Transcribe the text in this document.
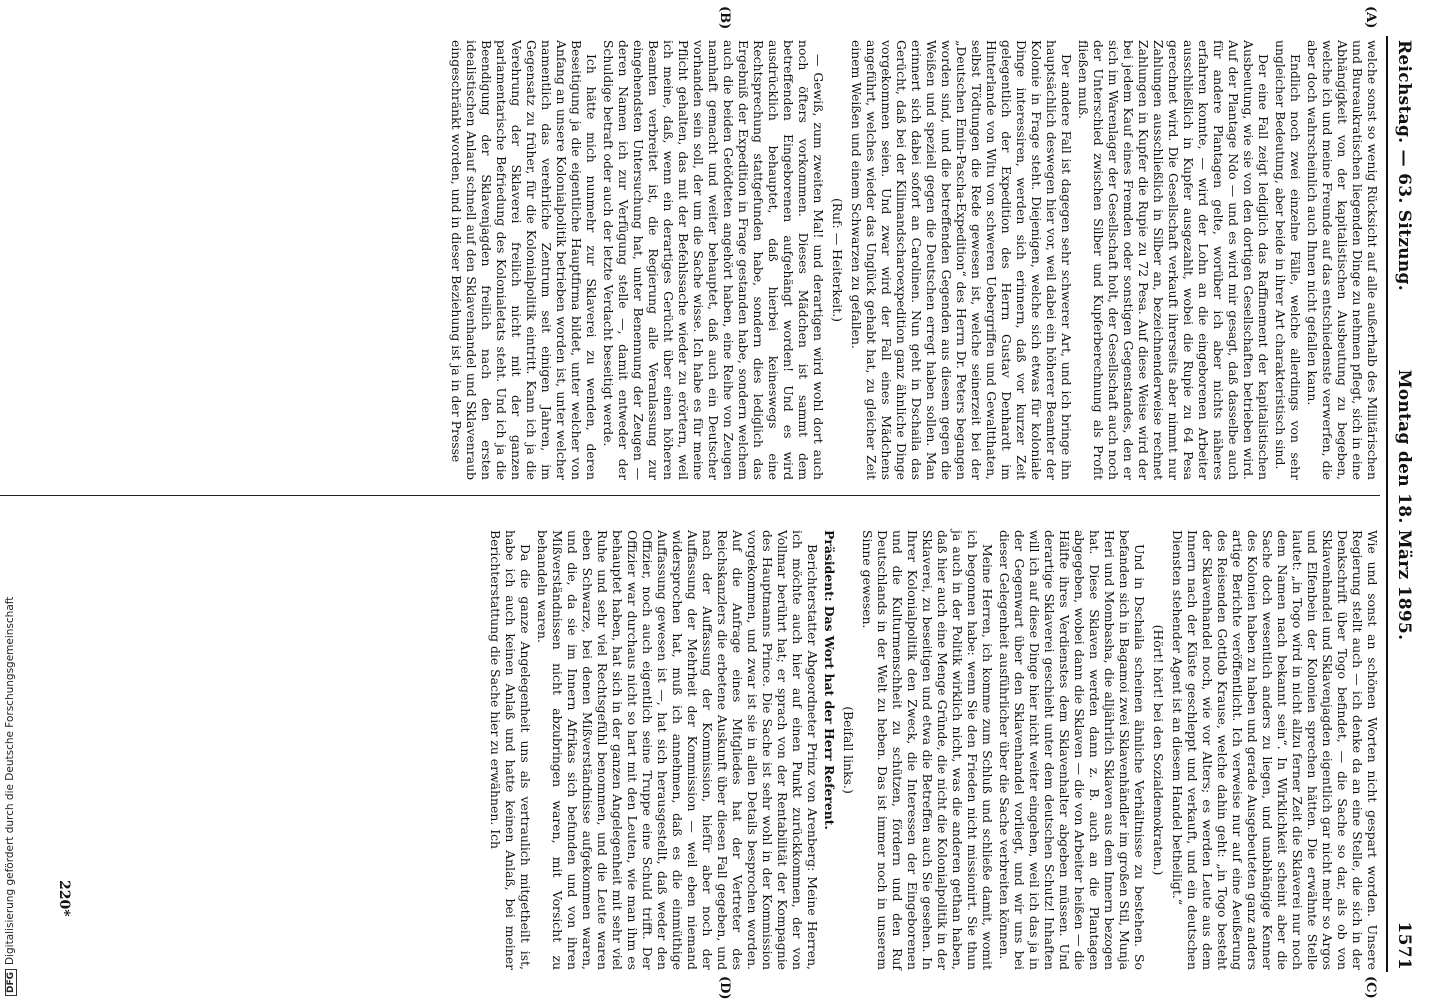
Reichstag. — 63. Sitzung.
Montag den 18. März 1895.
1571
(A)
(B)
(C)
(D)

welche sonst so wenig Rücksicht auf alle außerhalb des Militärischen und Bureaukratischen liegenden Dinge zu nehmen pflegt, sich in eine Abhängigkeit von der kapitalistischen Ausbeutung zu begeben, welche ich und meine Freunde auf das entschiedenste verwerfen, die aber doch wahrscheinlich auch Ihnen nicht gefallen kann.

Endlich noch zwei einzelne Fälle, welche allerdings von sehr ungleicher Bedeutung, aber beide in ihrer Art charakteristisch sind.

Der eine Fall zeigt lediglich das Raffinement der kapitalistischen Ausbeutung, wie sie von den dortigen Gesellschaften betrieben wird. Auf der Plantage Ndo — und es wird mir gesagt, daß dasselbe auch für andere Plantagen gelte, worüber ich aber nichts näheres erfahren konnte, — wird der Lohn an die eingeborenen Arbeiter ausschließlich in Kupfer ausgezahlt, wobei die Rupie zu 64 Pesa gerechnet wird. Die Gesellschaft verkauft ihrerseits aber nimmt nur Zahlungen ausschließlich in Silber an, bezeichnenderweise rechnet Zahlungen in Kupfer die Rupie zu 72 Pesa. Auf diese Weise wird der bei jedem Kauf eines Fremden oder sonstigen Gegenstandes, den er sich im Warenlager der Gesellschaft holt, der Gesellschaft auch noch der Unterschied zwischen Silber und Kupferberechnung als Profit fließen muß.

Der andere Fall ist dagegen sehr schwerer Art, und ich bringe ihn hauptsächlich deswegen hier vor, weil dabei ein höherer Beamter der Kolonie in Frage steht. Diejenigen, welche sich etwas für koloniale Dinge interessiren, werden sich erinnern, daß vor kurzer Zeit gelegentlich der Expedition des Herrn Gustav Denhardt im Hinterlande von Witu von schweren Uebergriffen und Gewaltthaten, selbst Tödtungen die Rede gewesen ist, welche seinerzeit bei der „Deutschen Emin-Pascha-Expedition“ des Herrn Dr. Peters begangen worden sind, und die betreffenden Gegenden aus diesem gegen die Weißen und speziell gegen die Deutschen erregt haben sollen. Man erinnert sich dabei sofort an Carolinen. Nun geht in Dschaila das Gerücht, daß bei der Kilimandscharoexpedition ganz ähnliche Dinge vorgekommen seien. Und zwar wird der Fall eines Mädchens angeführt, welches wieder das Unglück gehabt hat, zu gleicher Zeit einem Weißen und einem Schwarzen zu gefallen.

(Ruf: — Heiterkeit.)

— Gewiß, zum zweiten Mal! und derartigen wird wohl dort auch noch öfters vorkommen. Dieses Mädchen ist sammt dem betreffenden Eingeborenen aufgehängt worden! Und es wird ausdrücklich behauptet, daß hierbei keineswegs eine Rechtsprechung stattgefunden habe, sondern dies lediglich das Ergebniß der Expedition in Frage gestanden habe, sondern welchem auch die beiden Getödteten angehört haben, eine Reihe von Zeugen namhaft gemacht und weiter behauptet, daß auch ein Deutscher vorhanden sein soll, der um die Sache wisse. Ich habe es für meine Pflicht gehalten, das mit der Befehlssache wieder zu erörtern, weil ich meine, daß, wenn ein derartiges Gerücht über einen höheren Beamten verbreitet ist, die Regierung alle Veranlassung zur eingehendsten Untersuchung hat, unter Benennung der Zeugen — deren Namen ich zur Verfügung stelle —, damit entweder der Schuldige betraft oder auch der letzte Verdacht beseitigt werde.

Ich hätte mich nunmehr zur Sklaverei zu wenden, deren Beseitigung ja die eigentliche Hauptfirma bildet, unter welcher von Anfang an unsere Kolonialpolitik betrieben worden ist, unter welcher namentlich das verehrliche Zentrum seit einigen Jahren, im Gegensatz zu früher, für die Kolonialpolitik eintritt. Kann ich ja die Verehrung der Sklaverei freilich nicht mit der ganzen parlamentarische Befriedung des Kolonialetats steht. Und ich ja die Beendigung der Sklavenjagden freilich nach den ersten idealistischen Anlauf schnell auf den Sklavenhandel und Sklavenraub eingeschränkt worden, und in dieser Beziehung ist ja in der Presse

Wie und sonst an schönen Worten nicht gespart worden. Unsere Regierung stellt auch — ich denke da an eine Stelle, die sich in der Denkschrift über Togo befindet, — die Sache so dar, als ob von Sklavenhandel und Sklavenjagden eigentlich gar nicht mehr so Argos und Elfenbein der Kolonien sprechen hätten. Die erwähnte Stelle lautet: „in Togo wird in nicht allzu ferner Zeit die Sklaverei nur noch dem Namen nach bekannt sein“. In Wirklichkeit scheint aber die Sache doch wesentlich anders zu liegen, und unabhängige Kenner des Kolonien haben zu haben und gerade Ausgebeuteten ganz anders artige Berichte veröffentlicht. Ich verweise nur auf eine Aeußerung des Reisenden Gottlob Krause, welche dahin geht: „in Togo besteht der Sklavenhandel noch, wie vor Alters; es werden Leute aus dem Innern nach der Küste geschleppt und verkauft, und ein deutschen Diensten stehender Agent ist an diesem Handel betheiligt.“

(Hört! hört! bei den Sozialdemokraten.)

Und in Dschaila scheinen ähnliche Verhältnisse zu bestehen. So befanden sich in Bagamoi zwei Sklavenhändler im großen Stil, Munja Heri und Mombasha, die alljährlich Sklaven aus dem Innern bezogen hat. Diese Sklaven werden dann z. B. auch an die Plantagen abgegeben, wobei dann die Sklaven — die von Arbeiter heißen — die Hälfte ihres Verdienstes dem Sklavenhalter abgeben müssen. Und derartige Sklaverei geschieht unter dem deutschen Schutz! Inhaften will ich auf diese Dinge hier nicht weiter eingehen, weil ich das ja in der Gegenwart über den Sklavenhandel vorliegt, und wir uns bei dieser Gelegenheit ausführlicher über die Sache verbreiten können.

Meine Herren, ich komme zum Schluß und schließe damit, womit ich begonnen habe: wenn Sie den Frieden nicht missionirt. Sie thun ja auch in der Politik wirklich nicht, was die anderen gethan haben, daß hier auch eine Menge Gründe, die nicht die Kolonialpolitik in der Sklaverei, zu beseitigen und etwa die Betreffen auch Sie gesehen. In Ihrer Kolonialpolitik den Zweck, die Interessen der Eingeborenen und die Kulturmenschheit zu schützen, fördern und den Ruf Deutschlands in der Welt zu heben. Das ist immer noch in unserem Sinne gewesen.

(Beifall links.)

Präsident: Das Wort hat der Herr Referent.

Berichterstatter Abgeordneter Prinz von Arenberg: Meine Herren, ich möchte auch hier auf einen Punkt zurückkommen, der von Vollmar berührt hat; er sprach von der Rentabilität der Kompagnie des Hauptmanns Prince. Die Sache ist sehr wohl in der Kommission vorgekommen, und zwar ist sie in allen Details besprochen worden. Auf die Anfrage eines Mitgliedes hat der Vertreter des Reichskanzlers die erbetene Auskunft über diesen Fall gegeben, und nach der Auffassung der Kommission, hiefür aber noch der Auffassung der Mehrheit der Kommission — weil eben niemand widersprochen hat, muß ich annehmen, daß es die einmüthige Auffassung gewesen ist —, hat sich herausgestellt, daß weder den Offizier, noch auch eigentlich seine Truppe eine Schuld trifft. Der Offizier war durchaus nicht so hart mit den Leuten, wie man ihm es behauptet haben, hat sich in der ganzen Angelegenheit mit sehr viel Ruhe und sehr viel Rechtsgefühl benommen, und die Leute waren eben Schwarze, bei denen Mißverständnisse aufgekommen waren, und die, da sie im Innern Afrikas sich befunden und von ihren Mißverständnissen nicht abzubringen waren, mit Vorsicht zu behandeln waren.

Da die ganze Angelegenheit uns als vertraulich mitgetheilt ist, habe ich auch keinen Anlaß und hatte keinen Anlaß, bei meiner Berichterstattung die Sache hier zu erwähnen. Ich

220*
DFGDigitalisierung gefördert durch die Deutsche Forschungsgemeinschaft
